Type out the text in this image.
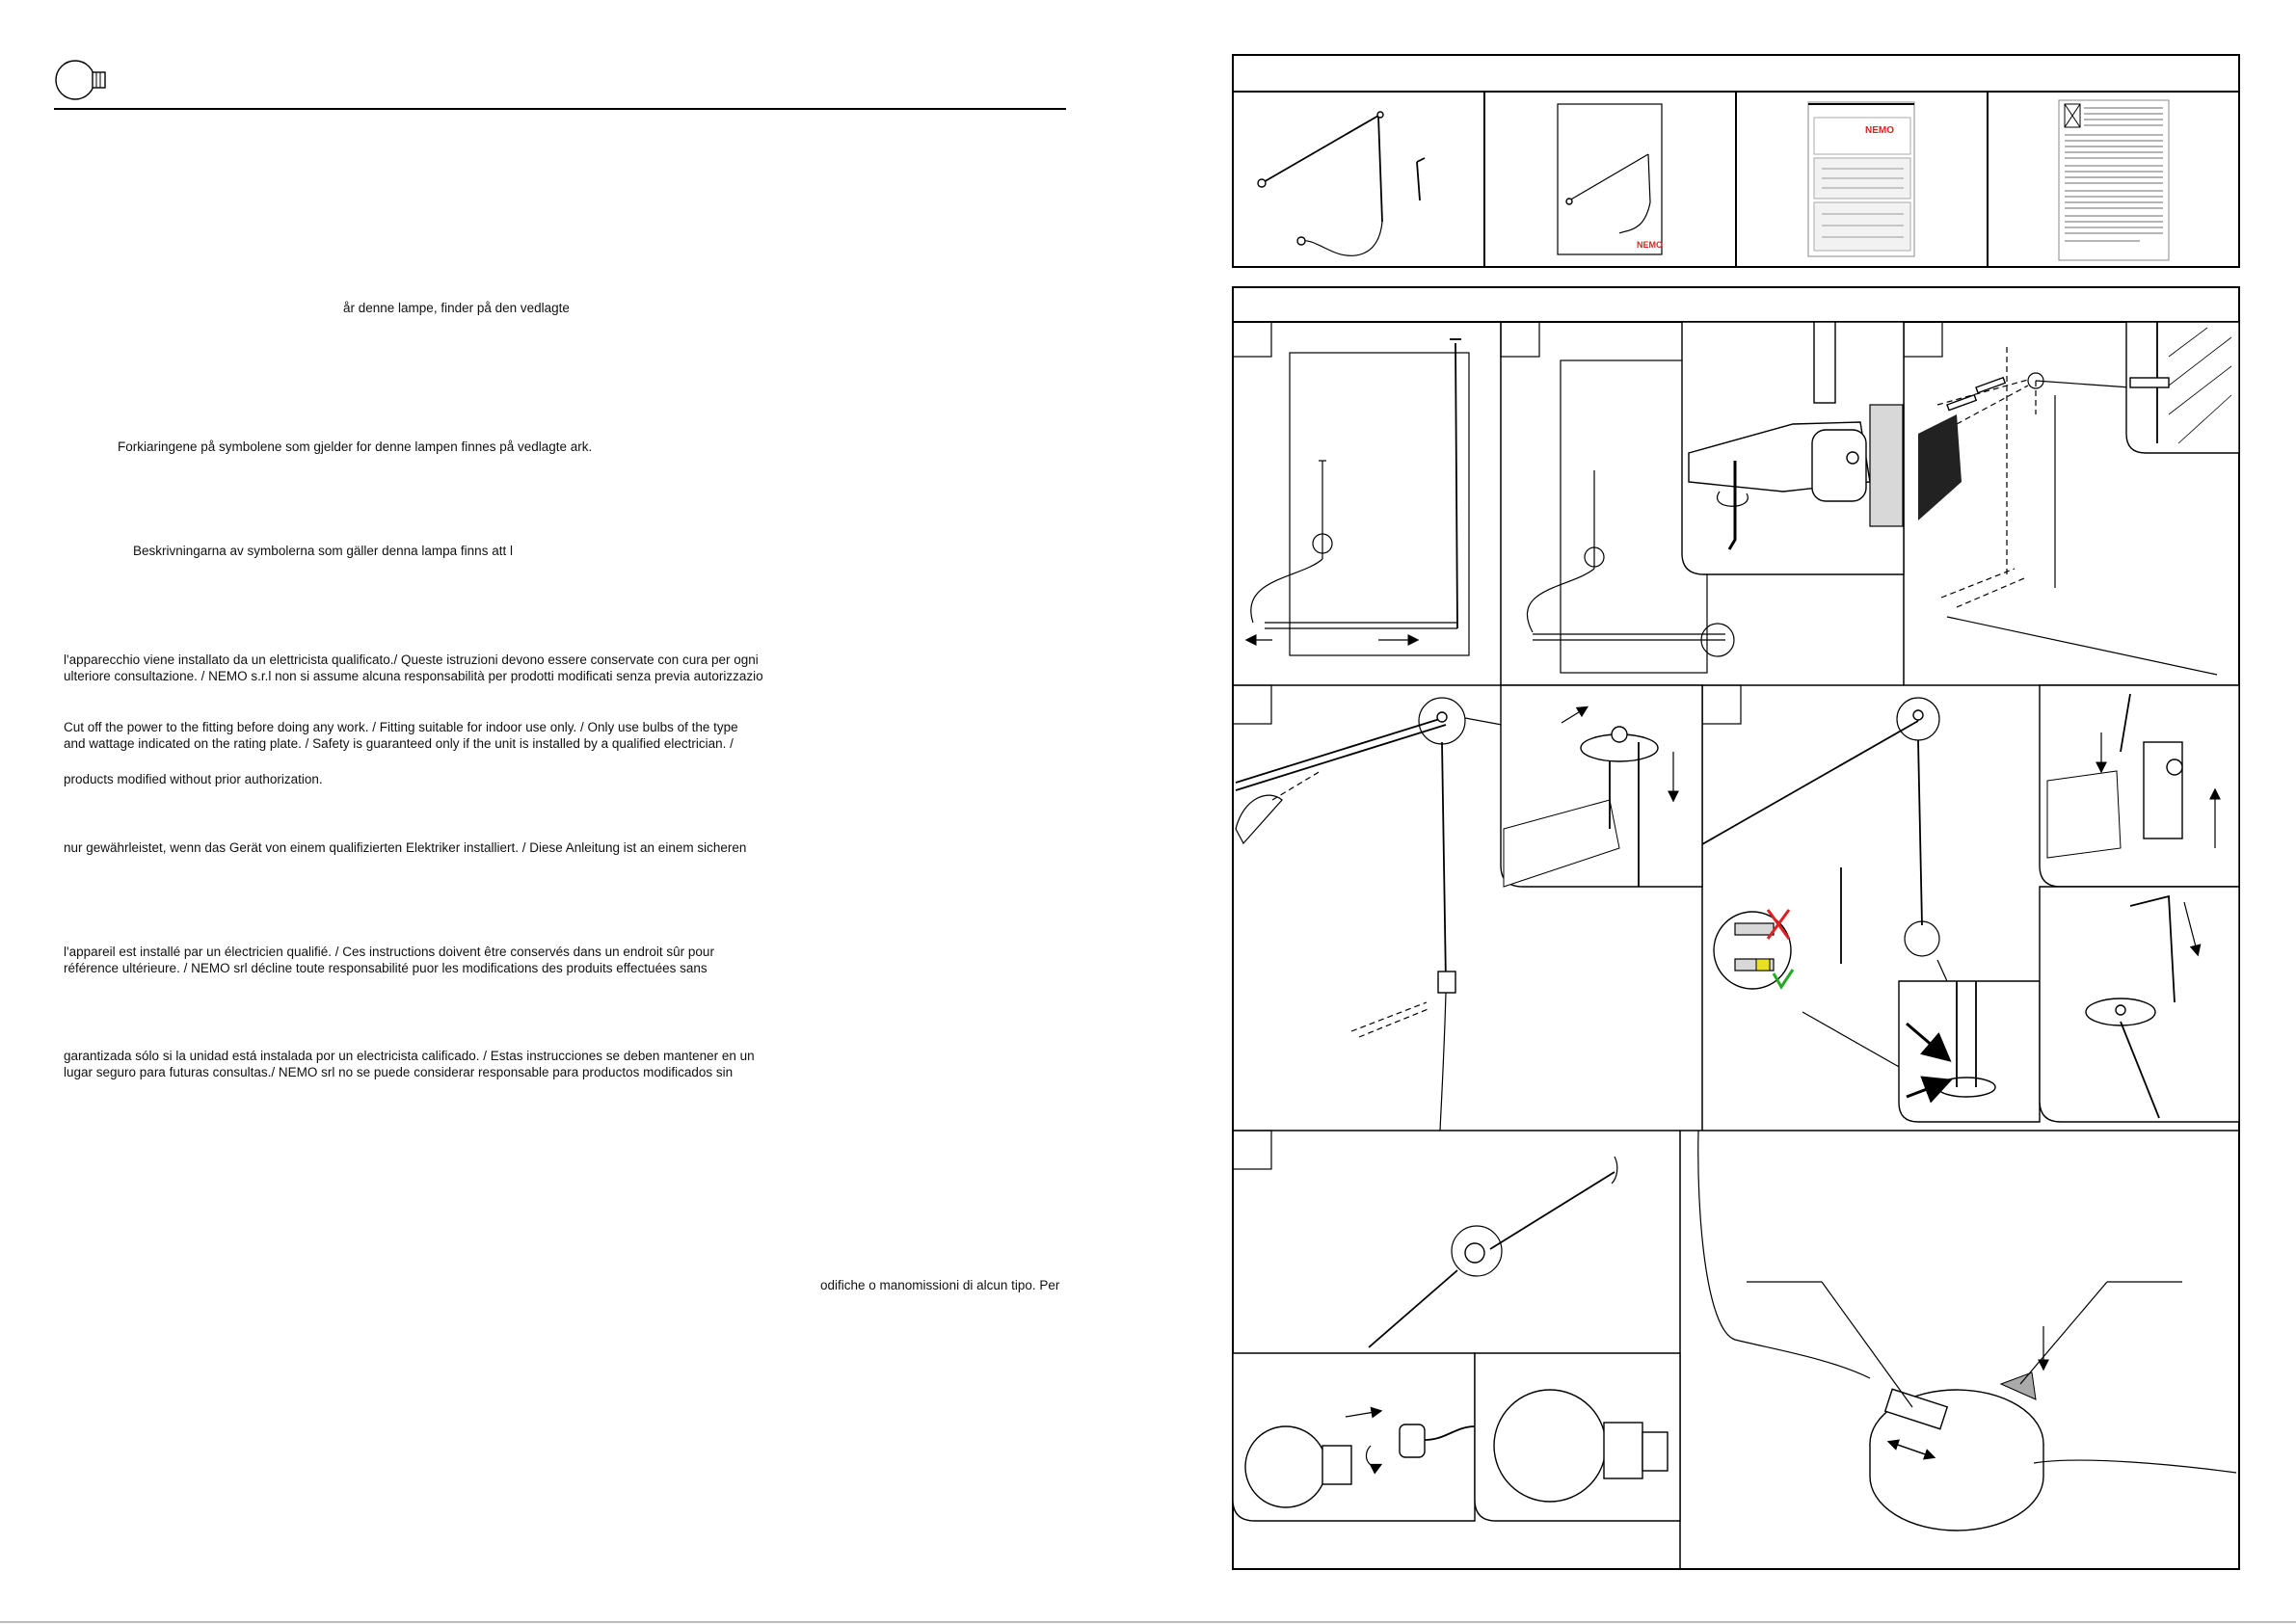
år denne lampe, finder på den vedlagte
Forkiaringene på symbolene som gjelder for denne lampen finnes på vedlagte ark.
Beskrivningarna av symbolerna som gäller denna lampa finns att l
l'apparecchio viene installato da un elettricista qualificato./ Queste istruzioni devono essere conservate con cura per ogni
ulteriore consultazione. / NEMO s.r.l non si assume alcuna responsabilità per prodotti modificati senza previa autorizzazio
Cut off the power to the fitting before doing any work. / Fitting suitable for indoor use only. / Only use bulbs of the type
and wattage indicated on the rating plate. / Safety is guaranteed only if the unit is installed by a qualified electrician. /
products modified without prior authorization.
nur gewährleistet, wenn das Gerät von einem qualifizierten Elektriker installiert. / Diese Anleitung ist an einem sicheren
l'appareil est installé par un électricien qualifié. / Ces instructions doivent être conservés dans un endroit sûr pour
référence ultérieure. / NEMO srl décline toute responsabilité puor les modifications des produits effectuées sans
garantizada sólo si la unidad está instalada por un electricista calificado. / Estas instrucciones se deben mantener en un
lugar seguro para futuras consultas./ NEMO srl no se puede considerar responsable para productos modificados sin
odifiche o manomissioni di alcun tipo. Per
NEMO
NEMO
